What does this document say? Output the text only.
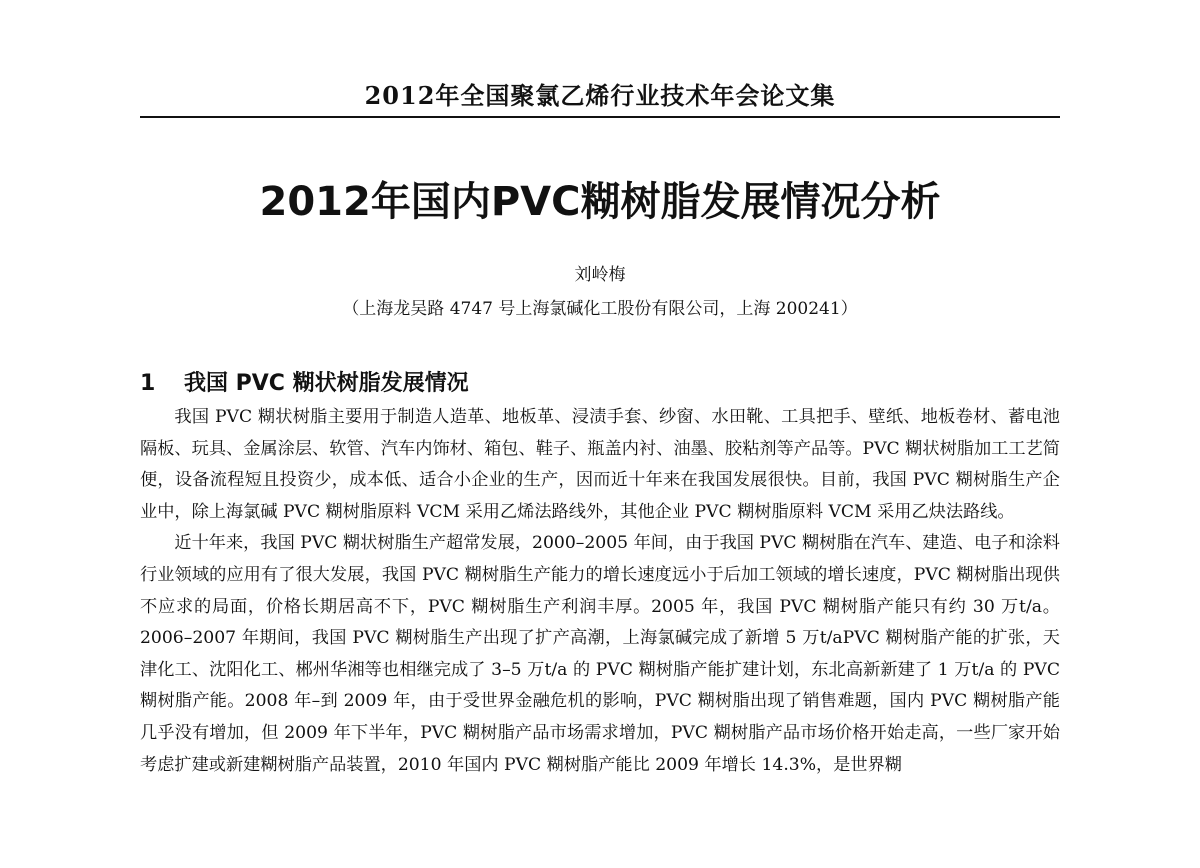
2012年全国聚氯乙烯行业技术年会论文集
2012年国内PVC糊树脂发展情况分析
刘岭梅
（上海龙吴路 4747 号上海氯碱化工股份有限公司，上海 200241）
1 我国 PVC 糊状树脂发展情况

我国 PVC 糊状树脂主要用于制造人造革、地板革、浸渍手套、纱窗、水田靴、工具把手、壁纸、地板卷材、蓄电池隔板、玩具、金属涂层、软管、汽车内饰材、箱包、鞋子、瓶盖内衬、油墨、胶粘剂等产品等。PVC 糊状树脂加工工艺简便，设备流程短且投资少，成本低、适合小企业的生产，因而近十年来在我国发展很快。目前，我国 PVC 糊树脂生产企业中，除上海氯碱 PVC 糊树脂原料 VCM 采用乙烯法路线外，其他企业 PVC 糊树脂原料 VCM 采用乙炔法路线。

近十年来，我国 PVC 糊状树脂生产超常发展，2000–2005 年间，由于我国 PVC 糊树脂在汽车、建造、电子和涂料行业领域的应用有了很大发展，我国 PVC 糊树脂生产能力的增长速度远小于后加工领域的增长速度，PVC 糊树脂出现供不应求的局面，价格长期居高不下，PVC 糊树脂生产利润丰厚。2005 年，我国 PVC 糊树脂产能只有约 30 万t/a。2006–2007 年期间，我国 PVC 糊树脂生产出现了扩产高潮，上海氯碱完成了新增 5 万t/aPVC 糊树脂产能的扩张，天津化工、沈阳化工、郴州华湘等也相继完成了 3–5 万t/a 的 PVC 糊树脂产能扩建计划，东北高新新建了 1 万t/a 的 PVC 糊树脂产能。2008 年–到 2009 年，由于受世界金融危机的影响，PVC 糊树脂出现了销售难题，国内 PVC 糊树脂产能几乎没有增加，但 2009 年下半年，PVC 糊树脂产品市场需求增加，PVC 糊树脂产品市场价格开始走高，一些厂家开始考虑扩建或新建糊树脂产品装置，2010 年国内 PVC 糊树脂产能比 2009 年增长 14.3%，是世界糊
